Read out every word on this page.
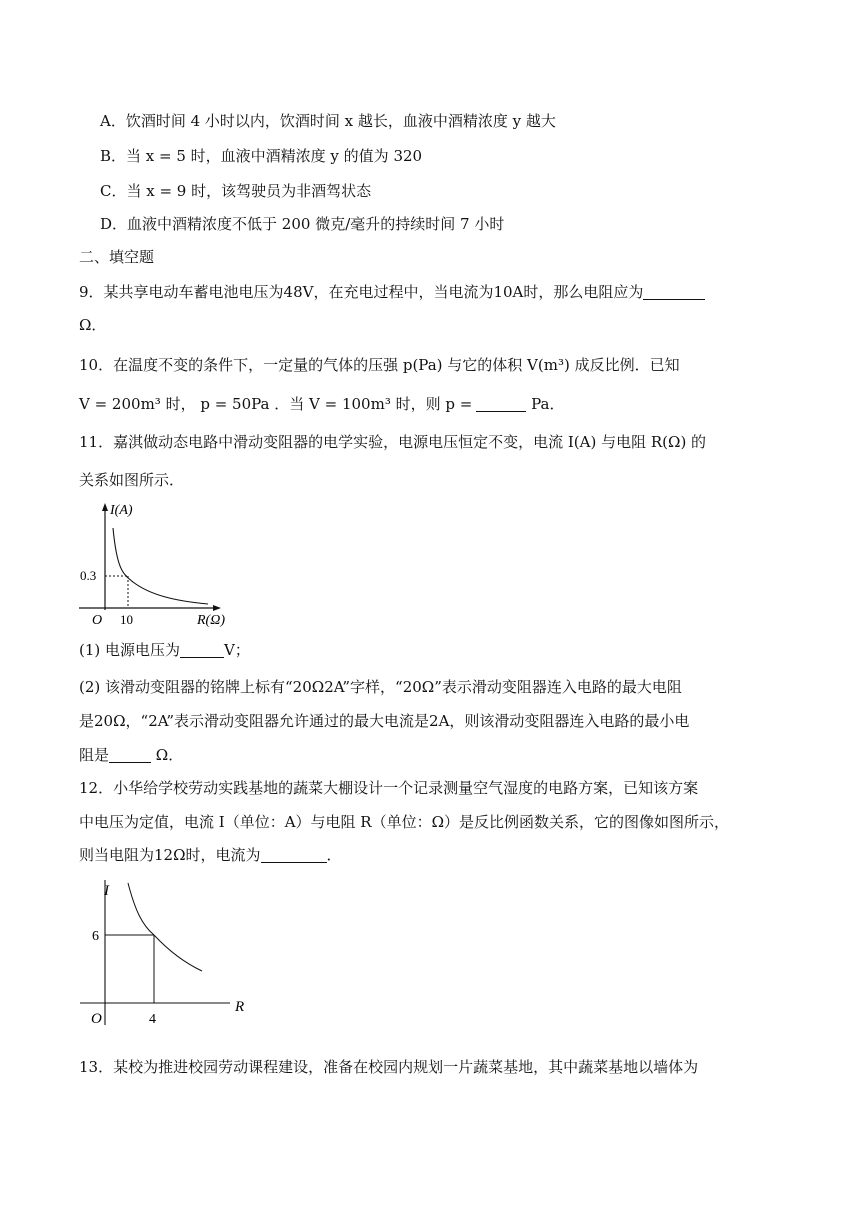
A．饮酒时间 4 小时以内，饮酒时间 x 越长，血液中酒精浓度 y 越大
B．当 x = 5 时，血液中酒精浓度 y 的值为 320
C．当 x = 9 时，该驾驶员为非酒驾状态
D．血液中酒精浓度不低于 200 微克/毫升的持续时间 7 小时
二、填空题
9．某共享电动车蓄电池电压为48V，在充电过程中，当电流为10A时，那么电阻应为
Ω．
10．在温度不变的条件下，一定量的气体的压强 p(Pa) 与它的体积 V(m³) 成反比例．已知
V = 200m³ 时， p = 50Pa ．当 V = 100m³ 时，则 p =	Pa．
11．嘉淇做动态电路中滑动变阻器的电学实验，电源电压恒定不变，电流 I(A) 与电阻 R(Ω) 的
关系如图所示．
I(A)
0.3
O 10	R(Ω)
(1) 电源电压为	V；
(2) 该滑动变阻器的铭牌上标有“20Ω2A”字样，“20Ω”表示滑动变阻器连入电路的最大电阻
是20Ω，“2A”表示滑动变阻器允许通过的最大电流是2A，则该滑动变阻器连入电路的最小电
阻是	Ω．
12．小华给学校劳动实践基地的蔬菜大棚设计一个记录测量空气湿度的电路方案，已知该方案
中电压为定值，电流 I（单位：A）与电阻 R（单位：Ω）是反比例函数关系，它的图像如图所示，
则当电阻为12Ω时，电流为	．
I
6
O	4
R
13．某校为推进校园劳动课程建设，准备在校园内规划一片蔬菜基地，其中蔬菜基地以墙体为
